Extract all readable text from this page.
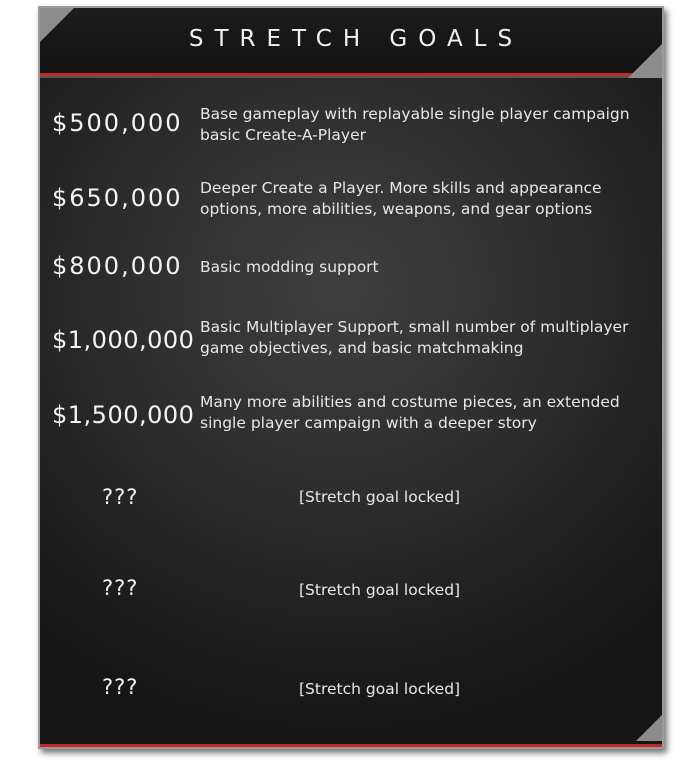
STRETCH GOALS
$500,000 Base gameplay with replayable single player campaign basic Create-A-Player
$650,000 Deeper Create a Player. More skills and appearance options, more abilities, weapons, and gear options
$800,000 Basic modding support
$1,000,000 Basic Multiplayer Support, small number of multiplayer game objectives, and basic matchmaking
$1,500,000 Many more abilities and costume pieces, an extended single player campaign with a deeper story
???	[Stretch goal locked]
???	[Stretch goal locked]
???	[Stretch goal locked]
